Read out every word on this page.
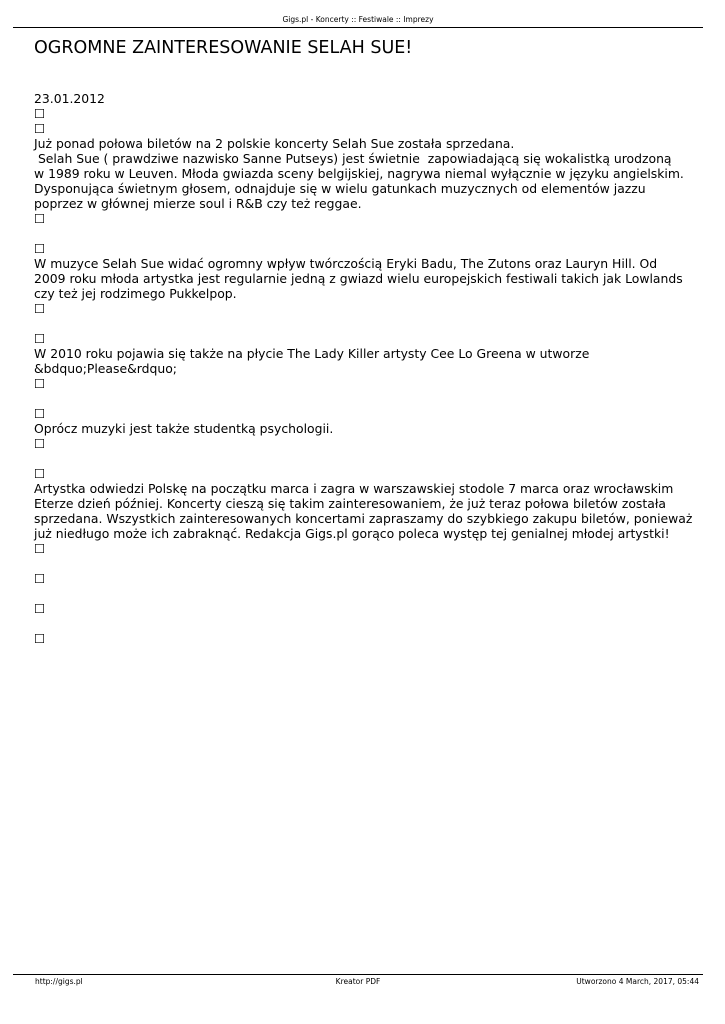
Gigs.pl - Koncerty :: Festiwale :: Imprezy
OGROMNE ZAINTERESOWANIE SELAH SUE!
23.01.2012
☐
☐
Już ponad połowa biletów na 2 polskie koncerty Selah Sue została sprzedana.
Selah Sue ( prawdziwe nazwisko Sanne Putseys) jest świetnie  zapowiadającą się wokalistką urodzoną
w 1989 roku w Leuven. Młoda gwiazda sceny belgijskiej, nagrywa niemal wyłącznie w języku angielskim.
Dysponująca świetnym głosem, odnajduje się w wielu gatunkach muzycznych od elementów jazzu
poprzez w głównej mierze soul i R&B czy też reggae.
☐
☐
W muzyce Selah Sue widać ogromny wpływ twórczością Eryki Badu, The Zutons oraz Lauryn Hill. Od
2009 roku młoda artystka jest regularnie jedną z gwiazd wielu europejskich festiwali takich jak Lowlands
czy też jej rodzimego Pukkelpop.
☐
☐
W 2010 roku pojawia się także na płycie The Lady Killer artysty Cee Lo Greena w utworze
&bdquo;Please&rdquo;
☐
☐
Oprócz muzyki jest także studentką psychologii.
☐
☐
Artystka odwiedzi Polskę na początku marca i zagra w warszawskiej stodole 7 marca oraz wrocławskim
Eterze dzień później. Koncerty cieszą się takim zainteresowaniem, że już teraz połowa biletów została
sprzedana. Wszystkich zainteresowanych koncertami zapraszamy do szybkiego zakupu biletów, ponieważ
już niedługo może ich zabraknąć. Redakcja Gigs.pl gorąco poleca występ tej genialnej młodej artystki!
☐
☐
☐
☐
Kreator PDF
http://gigs.pl	Utworzono 4 March, 2017, 05:44
